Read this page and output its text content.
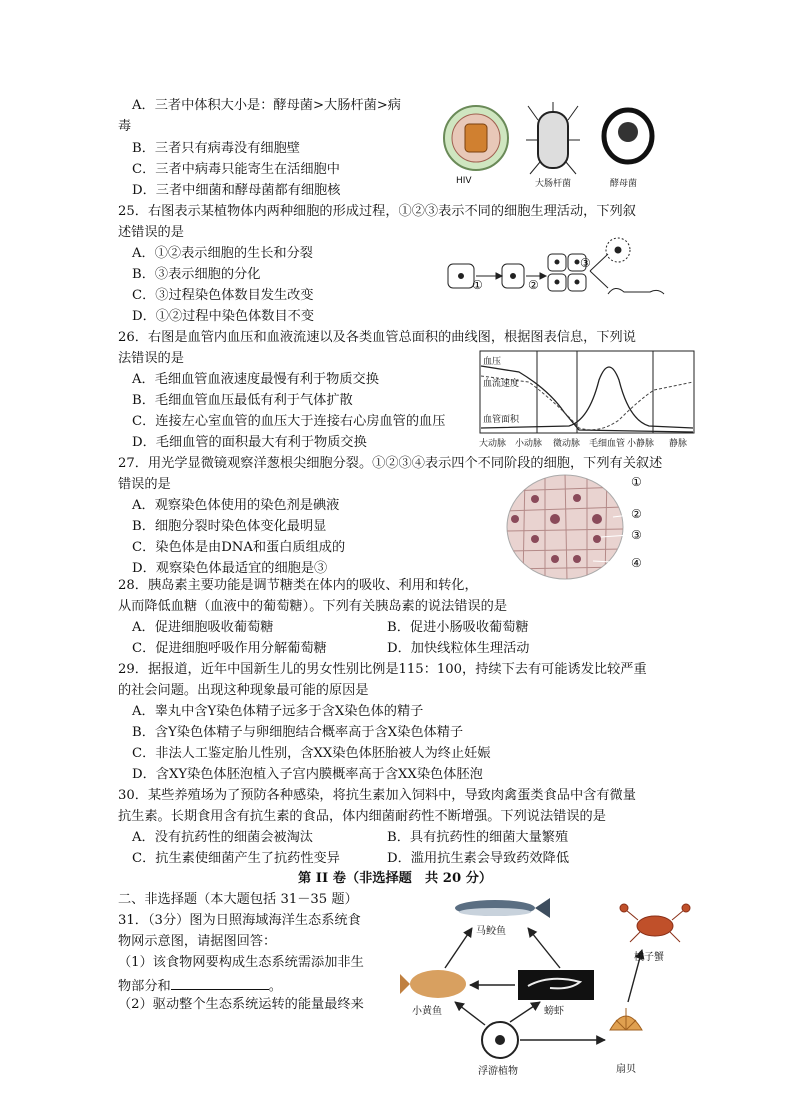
A．三者中体积大小是：酵母菌>大肠杆菌>病
毒
B．三者只有病毒没有细胞壁
C．三者中病毒只能寄生在活细胞中
D．三者中细菌和酵母菌都有细胞核
HIV	大肠杆菌	酵母菌
25．右图表示某植物体内两种细胞的形成过程，①②③表示不同的细胞生理活动，下列叙
述错误的是
A．①②表示细胞的生长和分裂
B．③表示细胞的分化
C．③过程染色体数目发生改变
D．①②过程中染色体数目不变
①	②
③
26．右图是血管内血压和血液流速以及各类血管总面积的曲线图，根据图表信息，下列说
法错误的是
A．毛细血管血液速度最慢有利于物质交换
B．毛细血管血压最低有利于气体扩散
C．连接左心室血管的血压大于连接右心房血管的血压
D．毛细血管的面积最大有利于物质交换
血压
血流速度
血管面积
大动脉 小动脉 微动脉 毛细血管 小静脉 静脉
27．用光学显微镜观察洋葱根尖细胞分裂。①②③④表示四个不同阶段的细胞，下列有关叙述
错误的是
A．观察染色体使用的染色剂是碘液
B．细胞分裂时染色体变化最明显
C．染色体是由DNA和蛋白质组成的
D．观察染色体最适宜的细胞是③
①
②
③
④
28．胰岛素主要功能是调节糖类在体内的吸收、利用和转化，
从而降低血糖（血液中的葡萄糖）。下列有关胰岛素的说法错误的是
A．促进细胞吸收葡萄糖	B．促进小肠吸收葡萄糖
C．促进细胞呼吸作用分解葡萄糖	D．加快线粒体生理活动
29．据报道，近年中国新生儿的男女性别比例是115：100，持续下去有可能诱发比较严重
的社会问题。出现这种现象最可能的原因是
A．睾丸中含Y染色体精子远多于含X染色体的精子
B．含Y染色体精子与卵细胞结合概率高于含X染色体精子
C．非法人工鉴定胎儿性别，含XX染色体胚胎被人为终止妊娠
D．含XY染色体胚泡植入子宫内膜概率高于含XX染色体胚泡
30．某些养殖场为了预防各种感染，将抗生素加入饲料中，导致肉禽蛋类食品中含有微量
抗生素。长期食用含有抗生素的食品，体内细菌耐药性不断增强。下列说法错误的是
A．没有抗药性的细菌会被淘汰	B．具有抗药性的细菌大量繁殖
C．抗生素使细菌产生了抗药性变异	D．滥用抗生素会导致药效降低
第 II 卷（非选择题　共 20 分）
二、非选择题（本大题包括 31－35 题）
31．（3分）图为日照海域海洋生态系统食
物网示意图，请据图回答：
（1）该食物网要构成生态系统需添加非生
物部分和	。
（2）驱动整个生态系统运转的能量最终来
马鲛鱼
梭子蟹
小黄鱼	螃虾
浮游植物	扇贝
